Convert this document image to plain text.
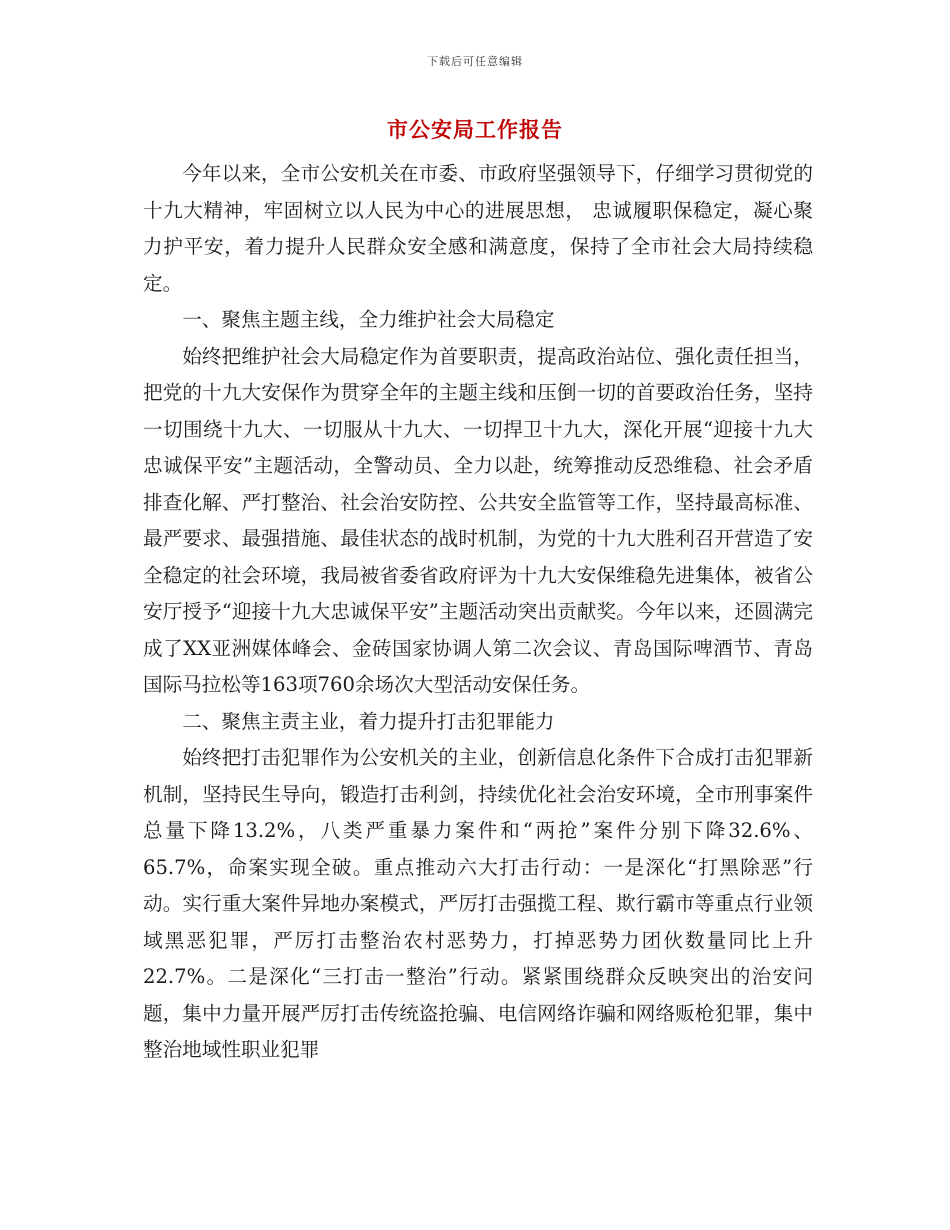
下载后可任意编辑
市公安局工作报告

今年以来，全市公安机关在市委、市政府坚强领导下，仔细学习贯彻党的十九大精神，牢固树立以人民为中心的进展思想， 忠诚履职保稳定，凝心聚力护平安，着力提升人民群众安全感和满意度，保持了全市社会大局持续稳定。

一、聚焦主题主线，全力维护社会大局稳定

始终把维护社会大局稳定作为首要职责，提高政治站位、强化责任担当，把党的十九大安保作为贯穿全年的主题主线和压倒一切的首要政治任务，坚持一切围绕十九大、一切服从十九大、一切捍卫十九大，深化开展“迎接十九大忠诚保平安”主题活动，全警动员、全力以赴，统筹推动反恐维稳、社会矛盾排查化解、严打整治、社会治安防控、公共安全监管等工作，坚持最高标准、最严要求、最强措施、最佳状态的战时机制，为党的十九大胜利召开营造了安全稳定的社会环境，我局被省委省政府评为十九大安保维稳先进集体，被省公安厅授予“迎接十九大忠诚保平安”主题活动突出贡献奖。今年以来，还圆满完成了XX亚洲媒体峰会、金砖国家协调人第二次会议、青岛国际啤酒节、青岛国际马拉松等163项760余场次大型活动安保任务。

二、聚焦主责主业，着力提升打击犯罪能力

始终把打击犯罪作为公安机关的主业，创新信息化条件下合成打击犯罪新机制，坚持民生导向，锻造打击利剑，持续优化社会治安环境，全市刑事案件总量下降13.2%，八类严重暴力案件和“两抢”案件分别下降32.6%、65.7%，命案实现全破。重点推动六大打击行动：一是深化“打黑除恶”行动。实行重大案件异地办案模式，严厉打击强揽工程、欺行霸市等重点行业领域黑恶犯罪，严厉打击整治农村恶势力，打掉恶势力团伙数量同比上升22.7%。二是深化“三打击一整治”行动。紧紧围绕群众反映突出的治安问题，集中力量开展严厉打击传统盗抢骗、电信网络诈骗和网络贩枪犯罪，集中整治地域性职业犯罪
